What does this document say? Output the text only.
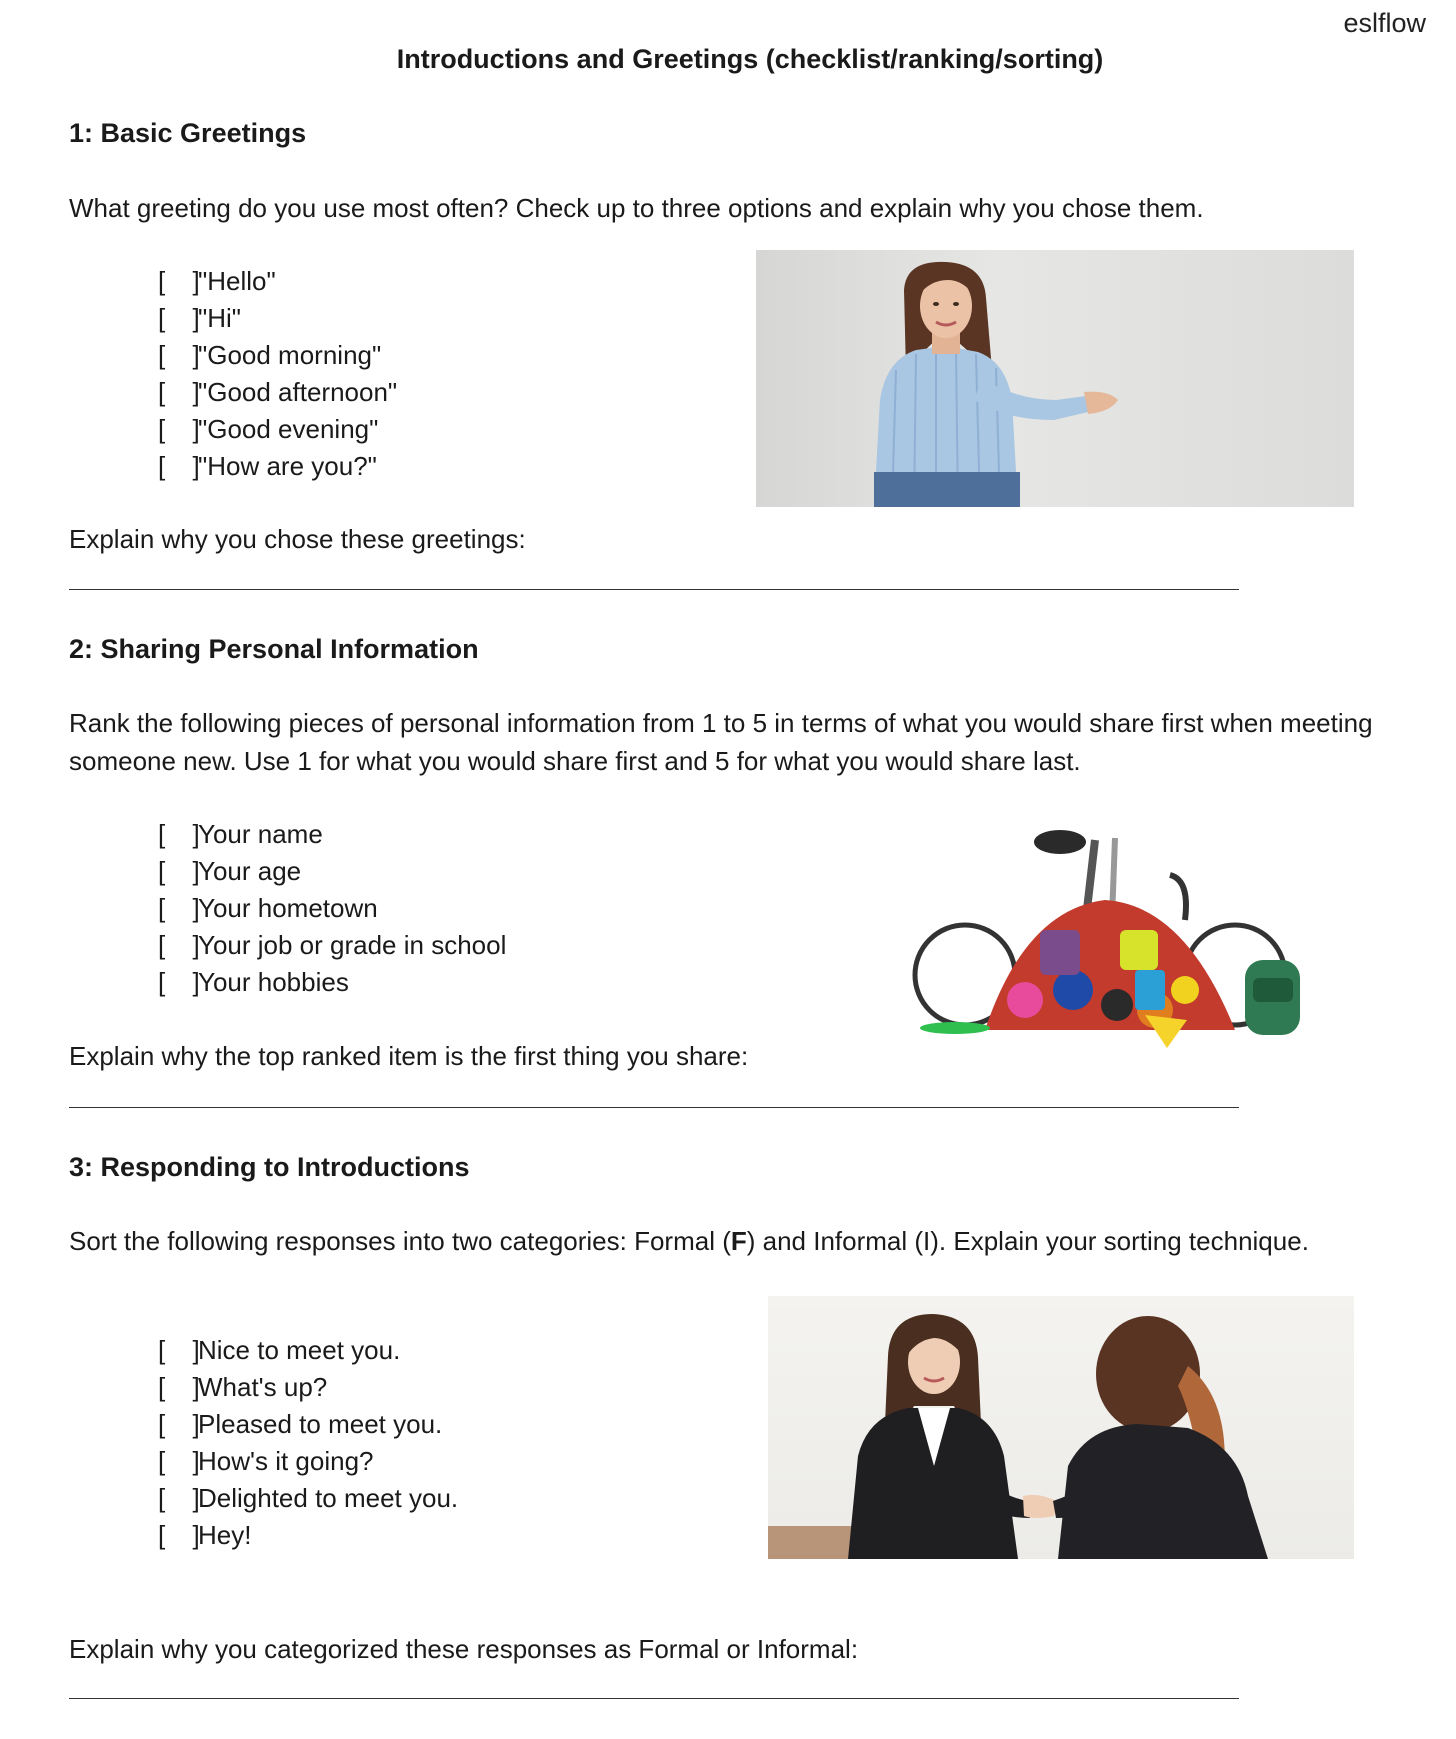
eslflow
Introductions and Greetings (checklist/ranking/sorting)
1: Basic Greetings
What greeting do you use most often? Check up to three options and explain why you chose them.
[ ]"Hello"
[ ]"Hi"
[ ]"Good morning"
[ ]"Good afternoon"
[ ]"Good evening"
[ ]"How are you?"
Explain why you chose these greetings:
2: Sharing Personal Information
Rank the following pieces of personal information from 1 to 5 in terms of what you would share first when meeting someone new. Use 1 for what you would share first and 5 for what you would share last.
[ ]Your name
[ ]Your age
[ ]Your hometown
[ ]Your job or grade in school
[ ]Your hobbies
Explain why the top ranked item is the first thing you share:
3: Responding to Introductions
Sort the following responses into two categories: Formal (F) and Informal (I). Explain your sorting technique.
[ ]Nice to meet you.
[ ]What's up?
[ ]Pleased to meet you.
[ ]How's it going?
[ ]Delighted to meet you.
[ ]Hey!
Explain why you categorized these responses as Formal or Informal:
